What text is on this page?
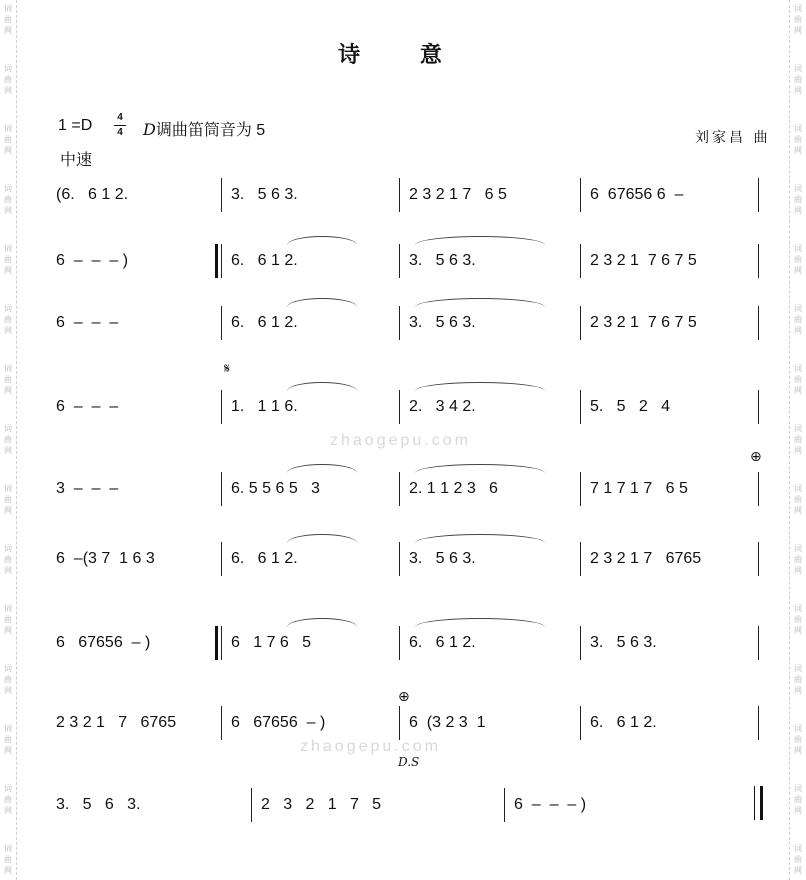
词
曲
网
词
曲
网
词
曲
网
词
曲
网
词
曲
网
词
曲
网
词
曲
网
词
曲
网
词
曲
网
词
曲
网
词
曲
网
词
曲
网
词
曲
网
词
曲
网
词
曲
网
词
曲
网
词
曲
网
词
曲
网
词
曲
网
词
曲
网
词
曲
网
词
曲
网
词
曲
网
词
曲
网
词
曲
网
词
曲
网
词
曲
网
词
曲
网
词
曲
网
词
曲
网
诗 意
1 =D	4
4 D调曲笛筒音为 5
中速
刘家昌 曲
zhaogepu.com
zhaogepu.com
(6.   6 1 2.	3.   5 6 3.	2 3 2 1 7   6 5	6  67656 6  –
6  –  –  – )	6.   6 1 2.	3.   5 6 3.	2 3 2 1  7 6 7 5
6  –  –  –	6.   6 1 2.	3.   5 6 3.	2 3 2 1  7 6 7 5
6  –  –  –	1.   1 1 6.	2.   3 4 2.	5.   5   2   4
3  –  –  –	6. 5 5 6 5   3	2. 1 1 2 3   6	7 1 7 1 7   6 5
6  –(3 7  1 6 3	6.   6 1 2.	3.   5 6 3.	2 3 2 1 7   6765
6   67656  – )	6   1 7 6   5	6.   6 1 2.	3.   5 6 3.
2 3 2 1   7   6765	6   67656  – )	6  (3 2 3  1	6.   6 1 2.
3.   5   6   3.	2   3   2   1   7   5	6  –  –  – )
𝄋
⊕
⊕
D.S
